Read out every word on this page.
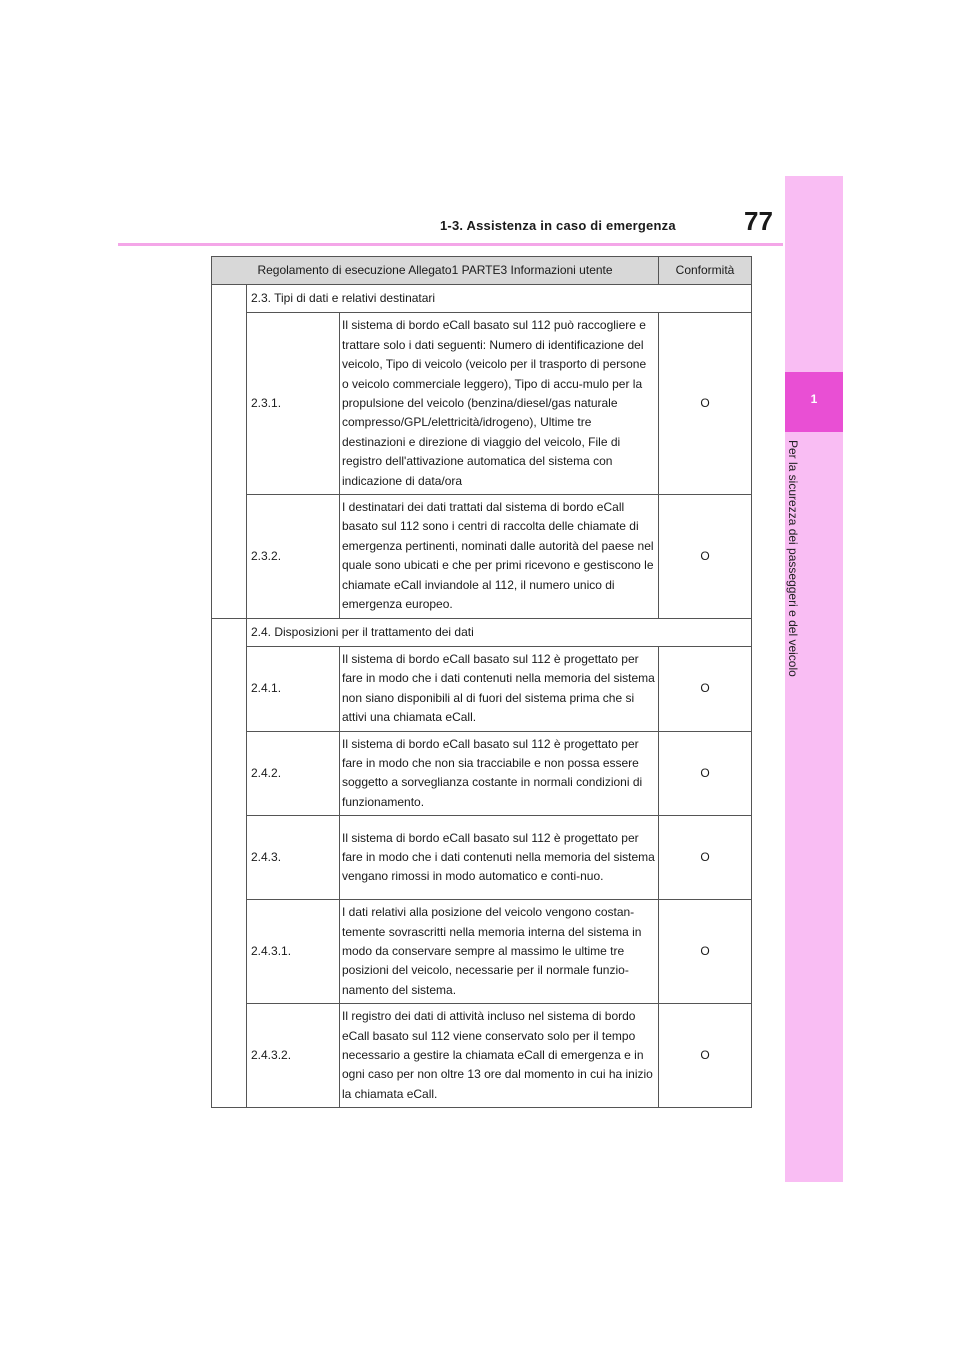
1-3. Assistenza in caso di emergenza	77
1
Per la sicurezza dei passeggeri e del veicolo
Regolamento di esecuzione Allegato1 PARTE3 Informazioni utente			Conformità
	2.3. Tipi di dati e relativi destinatari		
	2.3.1.	Il sistema di bordo eCall basato sul 112 può raccogliere e trattare solo i dati seguenti: Numero di identificazione del veicolo, Tipo di veicolo (veicolo per il trasporto di persone o veicolo commerciale leggero), Tipo di accu-mulo per la propulsione del veicolo (benzina/diesel/gas naturale compresso/GPL/elettricità/idrogeno), Ultime tre destinazioni e direzione di viaggio del veicolo, File di registro dell'attivazione automatica del sistema con indicazione di data/ora	O
	2.3.2.	I destinatari dei dati trattati dal sistema di bordo eCall basato sul 112 sono i centri di raccolta delle chiamate di emergenza pertinenti, nominati dalle autorità del paese nel quale sono ubicati e che per primi ricevono e gestiscono le chiamate eCall inviandole al 112, il numero unico di emergenza europeo.	O
	2.4. Disposizioni per il trattamento dei dati		
	2.4.1.	Il sistema di bordo eCall basato sul 112 è progettato per fare in modo che i dati contenuti nella memoria del sistema non siano disponibili al di fuori del sistema prima che si attivi una chiamata eCall.	O
	2.4.2.	Il sistema di bordo eCall basato sul 112 è progettato per fare in modo che non sia tracciabile e non possa essere soggetto a sorveglianza costante in normali condizioni di funzionamento.	O
	2.4.3.	Il sistema di bordo eCall basato sul 112 è progettato per fare in modo che i dati contenuti nella memoria del sistema vengano rimossi in modo automatico e conti-nuo.	O
	2.4.3.1.	I dati relativi alla posizione del veicolo vengono costan-temente sovrascritti nella memoria interna del sistema in modo da conservare sempre al massimo le ultime tre posizioni del veicolo, necessarie per il normale funzio-namento del sistema.	O
	2.4.3.2.	Il registro dei dati di attività incluso nel sistema di bordo eCall basato sul 112 viene conservato solo per il tempo necessario a gestire la chiamata eCall di emergenza e in ogni caso per non oltre 13 ore dal momento in cui ha inizio la chiamata eCall.	O
